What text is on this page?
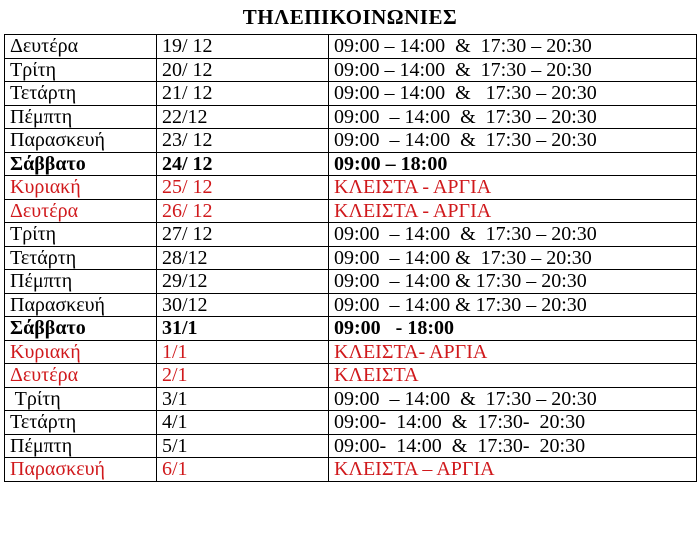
ΤΗΛΕΠΙΚΟΙΝΩΝΙΕΣ
Δευτέρα	19/ 12	09:00 – 14:00  &  17:30 – 20:30
Τρίτη	20/ 12	09:00 – 14:00  &  17:30 – 20:30
Τετάρτη	21/ 12	09:00 – 14:00  &   17:30 – 20:30
Πέμπτη	22/12	09:00  – 14:00  &  17:30 – 20:30
Παρασκευή	23/ 12	09:00  – 14:00  &  17:30 – 20:30
Σάββατο	24/ 12	09:00 – 18:00
Κυριακή	25/ 12	ΚΛΕΙΣΤΑ - ΑΡΓΙΑ
Δευτέρα	26/ 12	ΚΛΕΙΣΤΑ - ΑΡΓΙΑ
Τρίτη	27/ 12	09:00  – 14:00  &  17:30 – 20:30
Τετάρτη	28/12	09:00  – 14:00 &  17:30 – 20:30
Πέμπτη	29/12	09:00  – 14:00 & 17:30 – 20:30
Παρασκευή	30/12	09:00  – 14:00 & 17:30 – 20:30
Σάββατο	31/1	09:00   - 18:00
Κυριακή	1/1	ΚΛΕΙΣΤΑ- ΑΡΓΙΑ
Δευτέρα	2/1	ΚΛΕΙΣΤΑ
Τρίτη	3/1	09:00  – 14:00  &  17:30 – 20:30
Τετάρτη	4/1	09:00-  14:00  &  17:30-  20:30
Πέμπτη	5/1	09:00-  14:00  &  17:30-  20:30
Παρασκευή	6/1	ΚΛΕΙΣΤΑ – ΑΡΓΙΑ
